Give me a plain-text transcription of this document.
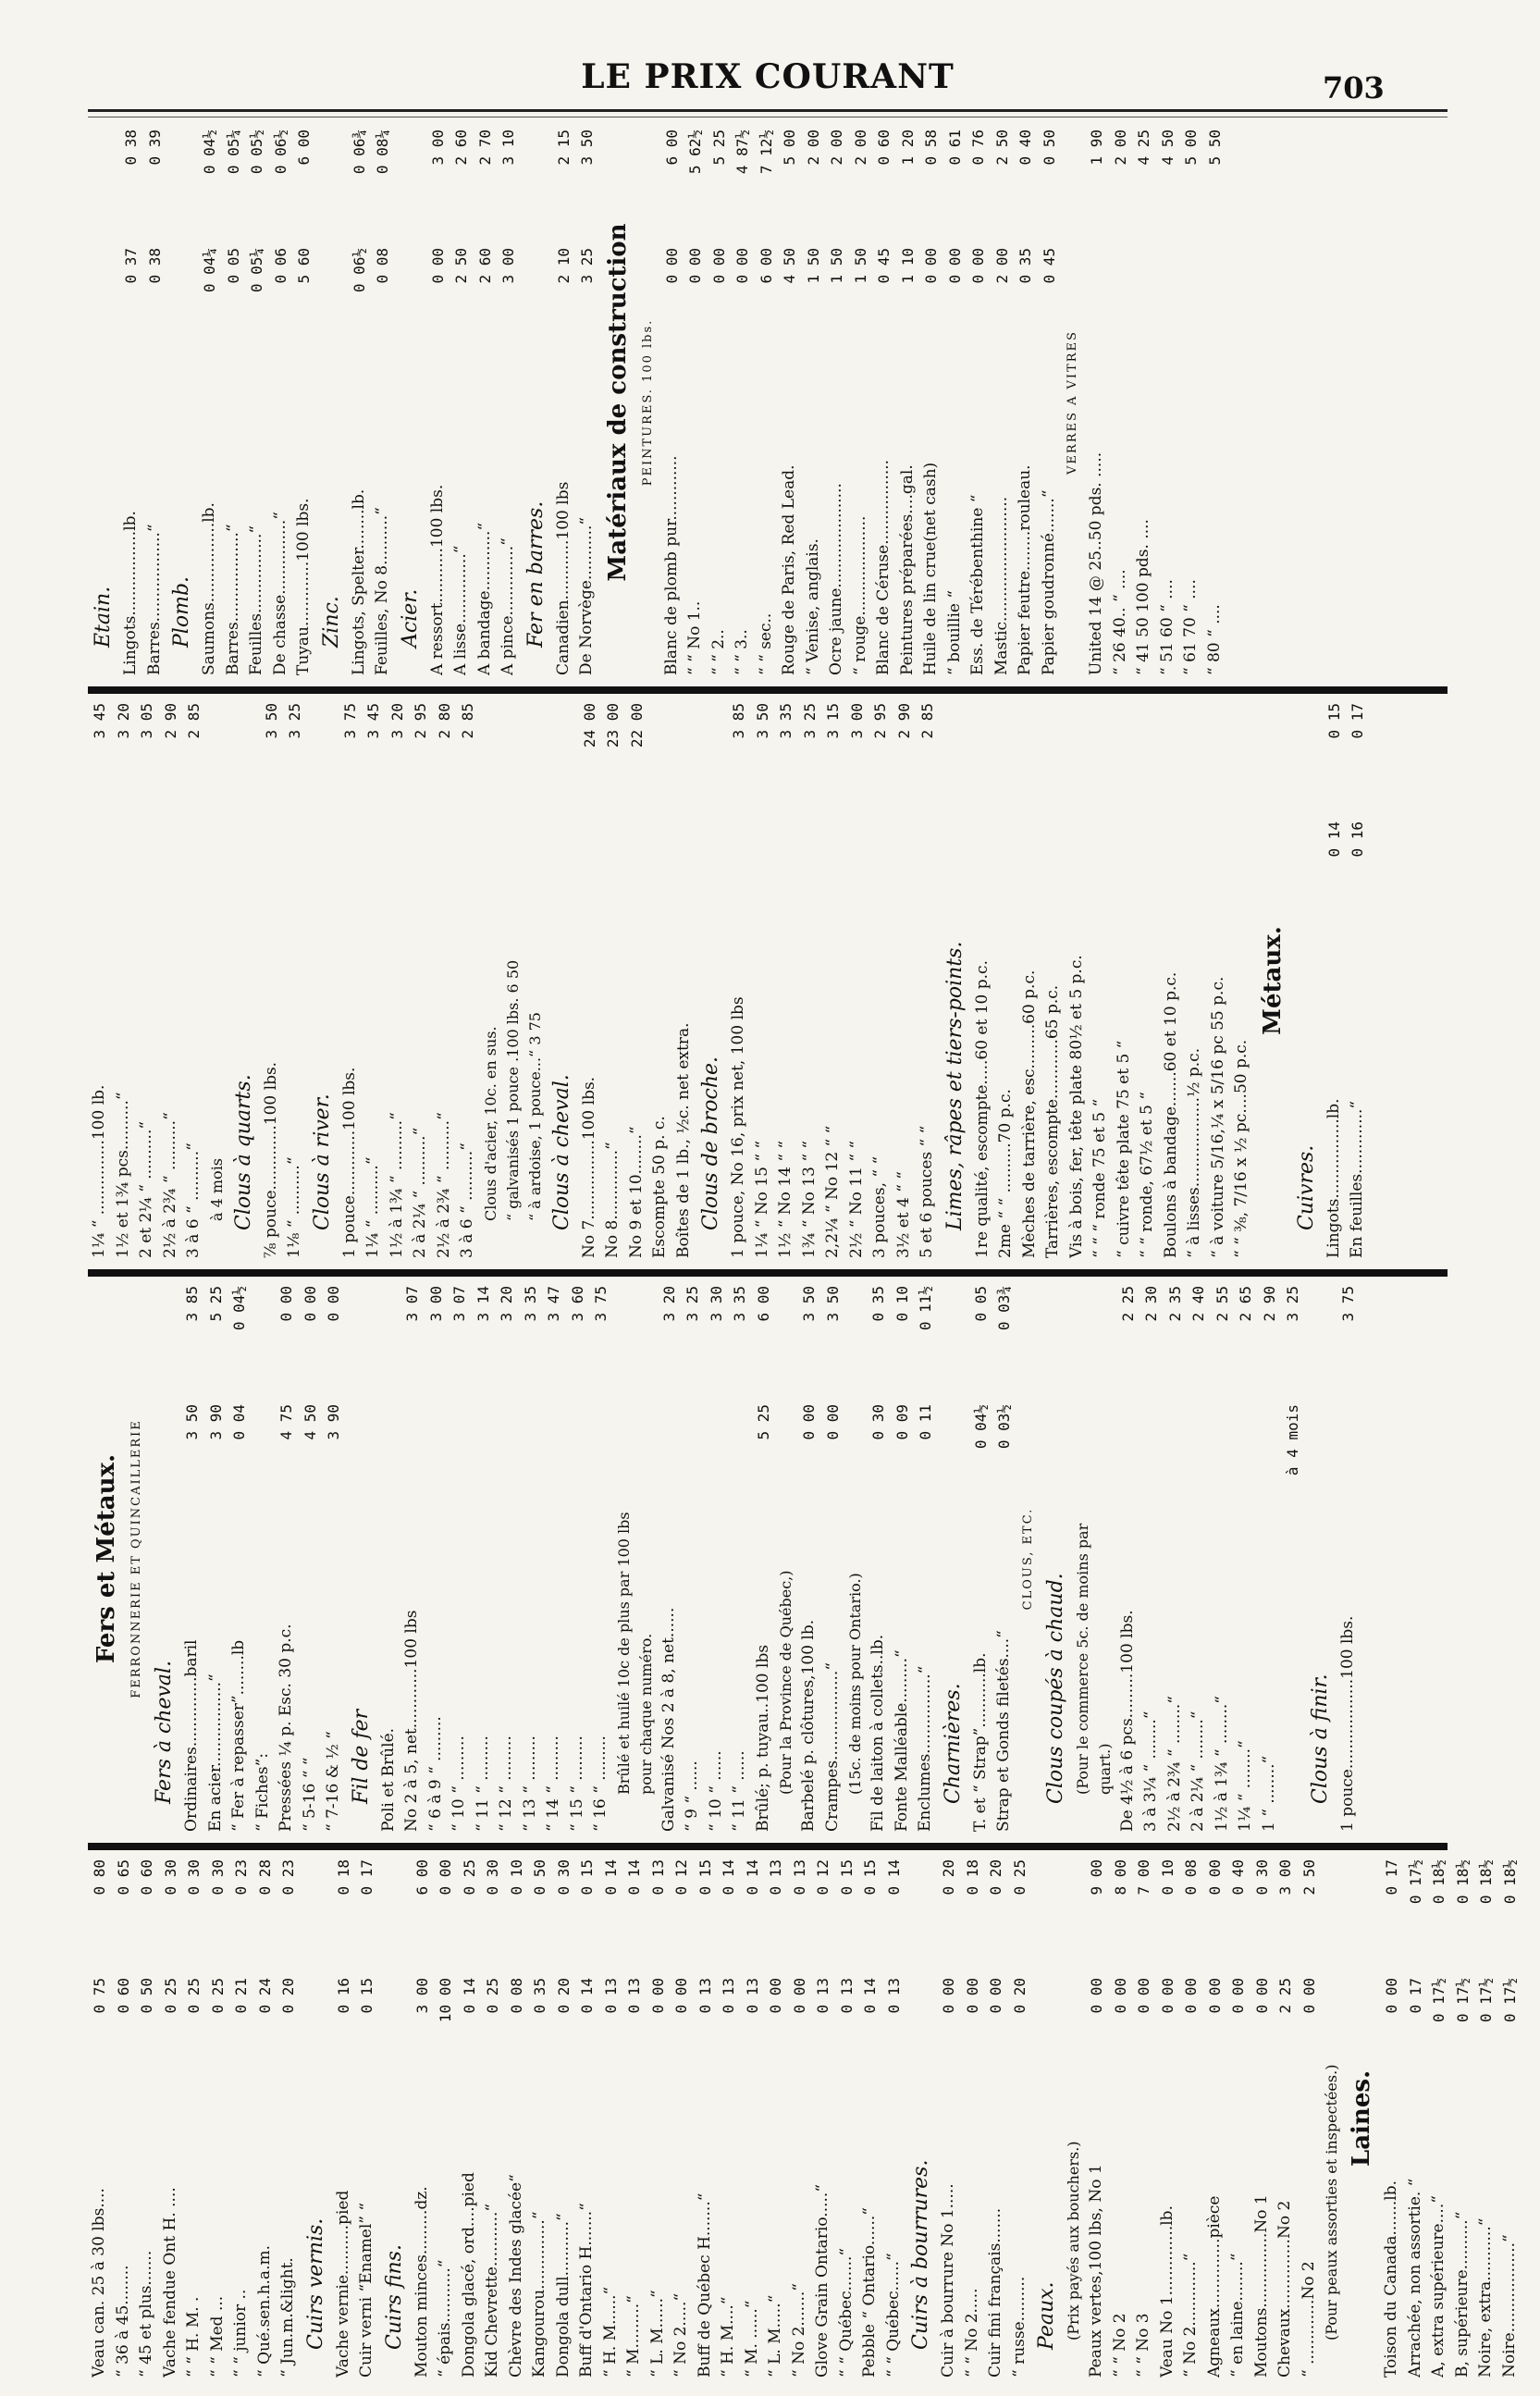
LE PRIX COURANT	703
Veau can. 25 à 30 lbs....
0 75
0 80
“ 36 à 45........
0 60
0 65
“ 45 et plus.......
0 50
0 60
Vache fendue Ont H. ....
0 25
0 30
“ “ H. M. .
0 25
0 30
“ “ Med ...
0 25
0 30
“ “ junior ..
0 21
0 23
“ Qué.sen.h.a.m.
0 24
0 28
“ Jun.m.&light.
0 20
0 23
Cuirs vernis. Vache vernie..........pied
0 16
0 18
Cuir verni “Enamel” “
0 15
0 17
Cuirs fins. Mouton minces.........dz.
3 00
6 00
“ épais...........“
10 00
0 00
Dongola glacé, ord....pied
0 14
0 25
Kid Chevrette...........“
0 25
0 30
Chèvre des Indes glacée“
0 08
0 10
Kangourou..............“
0 35
0 50
Dongola dull...........“
0 20
0 30
Buff d'Ontario H.......“
0 14
0 15
“ H. M......“
0 13
0 14
“ M.........“
0 13
0 14
“ L. M......“
0 00
0 13
“ No 2.....“
0 00
0 12
Buff de Québec H.......“
0 13
0 15
“ H. M....“
0 13
0 14
“ M. ......“
0 13
0 14
“ L. M.....“
0 00
0 13
“ No 2.......“
0 00
0 13
Glove Grain Ontario.....“
0 13
0 12
“ “ Québec.......“
0 13
0 15
Pebble “ Ontario......“
0 14
0 15
“ “ Québec......“
0 13
0 14
Cuirs à bourrures. Cuir à bourrure No 1.....
0 00
0 20
“ “ No 2.....
0 00
0 18
Cuir fini français.......
0 00
0 20
“ russe.........
0 20
0 25
Peaux. (Prix payés aux bouchers.) Peaux vertes,100 lbs, No 1
0 00
9 00
“ “ No 2
0 00
8 00
“ “ No 3
0 00
7 00
Veau No 1..............lb.
0 00
0 10
“ No 2.............“
0 00
0 08
Agneaux..............pièce
0 00
0 00
“ en laine........“
0 00
0 40
Moutons...............No 1
0 00
0 30
Chevaux..............No 2
2 25
3 00
“ .............No 2
0 00
2 50
(Pour peaux assorties et inspectées.) Laines.
Toison du Canada.......lb.
0 00
0 17
Arrachée, non assortie. “
0 17
0 17½
A, extra supérieure....“
0 17½
0 18½
B, supérieure..........“
0 17½
0 18½
Noire, extra...........“
0 17½
0 18½
Noire..................“
0 17½
0 18½
Fers et Métaux. FERRONNERIE ET QUINCAILLERIE
Fers à cheval. Ordinaires..............baril
3 50
3 85
En acier.................“
3 90
5 25
“ Fer à repasser”........lb
0 04
0 04½
“ Fiches”: Pressées ¼ p. Esc. 30 p.c.
4 75
0 00
“ 5-16 “ “
4 50
0 00
“ 7-16 & ½ “
3 90
0 00
Fil de fer Poli et Brûlé. No 2 à 5, net............100 lbs
3 07
“ 6 à 9 “ .........
3 00
“ 10 “ .........
3 07
“ 11 “ .........
3 14
“ 12 “ .........
3 20
“ 13 “ .........
3 35
“ 14 “ .........
3 47
“ 15 “ .........
3 60
“ 16 “ .........
3 75
Brûlé et huilé 10c de plus par 100 lbs pour chaque numéro. Galvanisé Nos 2 à 8, net......
3 20
“ 9 “ ......
3 25
“ 10 “ ......
3 30
“ 11 “ ......
3 35
Brûlé; p. tuyau..100 lbs
5 25
6 00
(Pour la Province de Québec,) Barbelé p. clôtures,100 lb.
0 00
3 50
Crampes..................“
0 00
3 50
(15c. de moins pour Ontario.) Fil de laiton à collets..lb.
0 30
0 35
Fonte Malléable.........“
0 09
0 10
Enclumes................“
0 11
0 11½
Charnières. T. et “ Strap”...........lb.
0 04½
0 05
Strap et Gonds filetés....“
0 03½
0 03¾
CLOUS, ETC.
Clous coupés à chaud. (Pour le commerce 5c. de moins par quart.) De 4½ à 6 pcs.........100 lbs.
2 25
3 à 3¼ “ ........“
2 30
2½ à 2¾ “ ........“
2 35
2 à 2¼ “ ........“
2 40
1½ à 1¾ “ ........“
2 55
1¼ “ ........“
2 65
1 “ ........“
2 90
à 4 mois
3 25
Clous à finir. 1 pouce..................100 lbs.
3 75
1¼ “ ...............100 lb.
3 45
1½ et 1¾ pcs..........“
3 20
2 et 2¼ “ ..........“
3 05
2½ à 2¾ “ ..........“
2 90
3 à 6 “ ..........“
2 85
à 4 mois Clous à quarts. ⅞ pouce.............100 lbs.
3 50
1⅛ “ ..........“
3 25
Clous à river. 1 pouce.............100 lbs.
3 75
1¼ “ ..........“
3 45
1½ à 1¾ “ ..........“
3 20
2 à 2¼ “ ..........“
2 95
2½ à 2¾ “ ..........“
2 80
3 à 6 “ ..........“
2 85
Clous d'acier, 10c. en sus. “ galvanisés 1 pouce .100 lbs. 6 50 “ à ardoise, 1 pouce...“ 3 75 Clous à cheval. No 7................100 lbs.
24 00
No 8..............“
23 00
No 9 et 10........“
22 00
Escompte 50 p. c. Boîtes de 1 lb., ½c. net extra. Clous de broche. 1 pouce, No 16, prix net, 100 lbs
3 85
1¼ “ No 15 “ “
3 50
1½ “ No 14 “ “
3 35
1¾ “ No 13 “ “
3 25
2,2¼ “ No 12 “ “
3 15
2½ “ No 11 “ “
3 00
3 pouces, “ “
2 95
3½ et 4 “ “
2 90
5 et 6 pouces “ “
2 85
Limes, râpes et tiers-points. 1re qualité, escompte.....60 et 10 p.c. 2me “ “ ..........70 p.c. Mèches de tarrière, esc.........60 p.c. Tarrières, escompte............65 p.c. Vis à bois, fer, tête plate 80½ et 5 p.c. “ “ “ ronde 75 et 5 “ “ cuivre tête plate 75 et 5 “ “ “ ronde, 67½ et 5 “ Boulons à bandage.......60 et 10 p.c. “ à lisses..................½ p.c. “ à voiture 5/16,¼ x 5/16 pc 55 p.c. “ “ ⅜, 7/16 x ½ pc....50 p.c.
Métaux.
Cuivres. Lingots................lb.
0 14
0 15
En feuilles.............“
0 16
0 17
Etain. Lingots.................lb.
0 37
0 38
Barres..................“
0 38
0 39
Plomb. Saumons................lb.
0 04¼
0 04½
Barres..................“
0 05
0 05¼
Feuilles................“
0 05¼
0 05½
De chasse...............“
0 06
0 06½
Tuyau.............100 lbs.
5 60
6 00
Zinc. Lingots, Spelter........lb.
0 06½
0 06¾
Feuilles, No 8..........“
0 08
0 08¼
Acier. A ressort...........100 lbs.
0 00
3 00
A lisse..............“
2 50
2 60
A bandage............“
2 60
2 70
A pince..............“
3 00
3 10
Fer en barres. Canadien............100 lbs
2 10
2 15
De Norvège...........“
3 25
3 50
Matériaux de construction PEINTURES. 100 lbs.
Blanc de plomb pur.............
0 00
6 00
“ “ No 1..
0 00
5 62½
“ “ 2..
0 00
5 25
“ “ 3..
0 00
4 87½
“ “ sec..
6 00
7 12½
Rouge de Paris, Red Lead.
4 50
5 00
“ Venise, anglais.
1 50
2 00
Ocre jaune.....................
1 50
2 00
“ rouge....................
1 50
2 00
Blanc de Céruse.................
0 45
0 60
Peintures préparées....gal.
1 10
1 20
Huile de lin crue(net cash)
0 00
0 58
“ bouillie “
0 00
0 61
Ess. de Térébenthine “
0 00
0 76
Mastic.........................
2 00
2 50
Papier feutre........rouleau.
0 35
0 40
Papier goudronné.......“
0 45
0 50
VERRES A VITRES
United 14 @ 25..50 pds. .....
1 90
“ 26 40.. “ ....
2 00
“ 41 50 100 pds. ....
4 25
“ 51 60 “ ....
4 50
“ 61 70 “ ....
5 00
“ 80 “ ....
5 50
